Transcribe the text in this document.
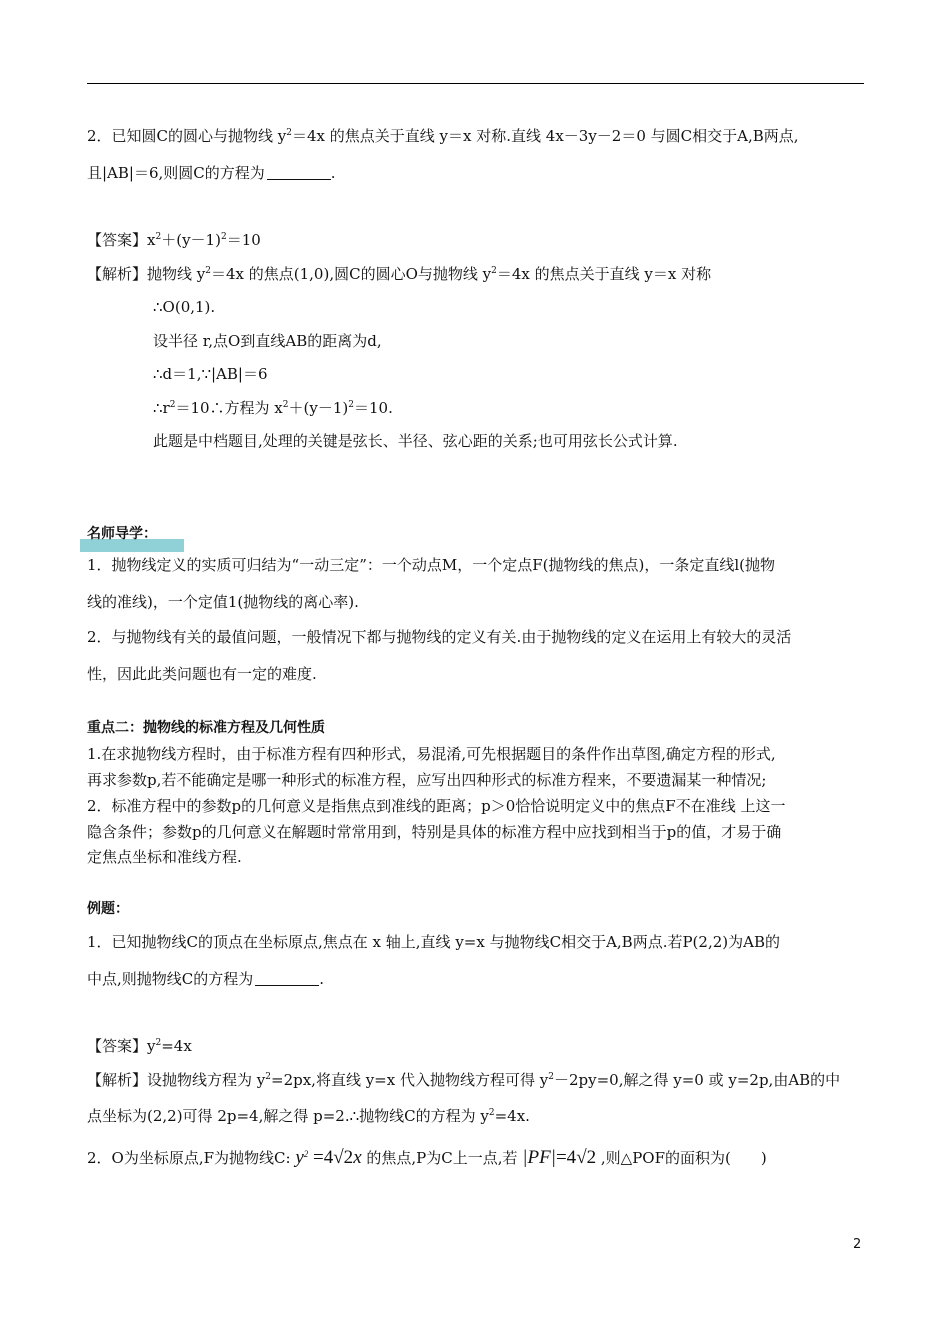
2．已知圆C的圆心与抛物线 $y^2=4x$ 的焦点关于直线 y＝x 对称.直线 4x－3y－2＝0 与圆C相交于A,B两点,
且|AB|＝6,则圆C的方程为	.
【答案】$x^2+(y-1)^2=10$
【解析】抛物线 $y^2=4x$ 的焦点(1,0),圆C的圆心O与抛物线 $y^2=4x$ 的焦点关于直线 y＝x 对称
∴O(0,1).
设半径 r,点O到直线AB的距离为d,
∴d＝1,∵|AB|＝6
$\therefore r^2=10\therefore$方程为 $x^2+(y-1)^2=10$.
此题是中档题目,处理的关键是弦长、半径、弦心距的关系;也可用弦长公式计算.
名师导学：
1．抛物线定义的实质可归结为“一动三定”：一个动点M，一个定点F(抛物线的焦点)，一条定直线l(抛物
线的准线)，一个定值1(抛物线的离心率).
2．与抛物线有关的最值问题，一般情况下都与抛物线的定义有关.由于抛物线的定义在运用上有较大的灵活
性，因此此类问题也有一定的难度.
重点二：抛物线的标准方程及几何性质
1.在求抛物线方程时，由于标准方程有四种形式，易混淆,可先根据题目的条件作出草图,确定方程的形式,
再求参数p,若不能确定是哪一种形式的标准方程，应写出四种形式的标准方程来，不要遗漏某一种情况;
2．标准方程中的参数p的几何意义是指焦点到准线的距离；p＞0恰恰说明定义中的焦点F不在准线 上这一
隐含条件；参数p的几何意义在解题时常常用到，特别是具体的标准方程中应找到相当于p的值，才易于确
定焦点坐标和准线方程.
例题：
1．已知抛物线C的顶点在坐标原点,焦点在 x 轴上,直线 y=x 与抛物线C相交于A,B两点.若P(2,2)为AB的
中点,则抛物线C的方程为	.
【答案】$y^2=4x$
【解析】设抛物线方程为 $y^2=2px$,将直线 y=x 代入抛物线方程可得 $y^2-2py=0$,解之得 y=0 或 y=2p,由AB的中
点坐标为(2,2)可得 2p=4,解之得 p=2.∴抛物线C的方程为 $y^2=4x$.
2．O为坐标原点,F为抛物线C: $y^2 =4√2x$ 的焦点,P为C上一点,若 |PF|=4√2 ,则△POF的面积为(　　)
2
